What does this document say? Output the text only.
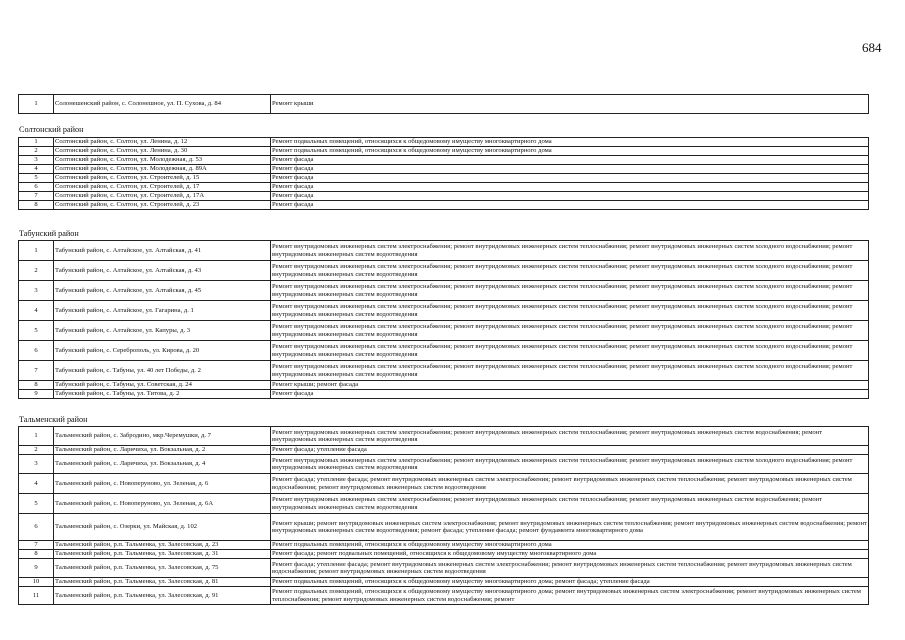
684
1	Солонешенский район, с. Солонешное, ул. П. Сухова, д. 84	Ремонт крыши
Солтонский район
1	Солтонский район, с. Солтон, ул. Ленина, д. 12	Ремонт подвальных помещений, относящихся к общедомовому имуществу многоквартирного дома
2	Солтонский район, с. Солтон, ул. Ленина, д. 30	Ремонт подвальных помещений, относящихся к общедомовому имуществу многоквартирного дома
3	Солтонский район, с. Солтон, ул. Молодежная, д. 53	Ремонт фасада
4	Солтонский район, с. Солтон, ул. Молодежная, д. 89А	Ремонт фасада
5	Солтонский район, с. Солтон, ул. Строителей, д. 15	Ремонт фасада
6	Солтонский район, с. Солтон, ул. Строителей, д. 17	Ремонт фасада
7	Солтонский район, с. Солтон, ул. Строителей, д. 17А	Ремонт фасада
8	Солтонский район, с. Солтон, ул. Строителей, д. 23	Ремонт фасада
Табунский район
1	Табунский район, с. Алтайское, ул. Алтайская, д. 41	Ремонт внутридомовых инженерных систем электроснабжения; ремонт внутридомовых инженерных систем теплоснабжения; ремонт внутридомовых инженерных систем холодного водоснабжения; ремонт внутридомовых инженерных систем водоотведения
2	Табунский район, с. Алтайское, ул. Алтайская, д. 43	Ремонт внутридомовых инженерных систем электроснабжения; ремонт внутридомовых инженерных систем теплоснабжения; ремонт внутридомовых инженерных систем холодного водоснабжения; ремонт внутридомовых инженерных систем водоотведения
3	Табунский район, с. Алтайское, ул. Алтайская, д. 45	Ремонт внутридомовых инженерных систем электроснабжения; ремонт внутридомовых инженерных систем теплоснабжения; ремонт внутридомовых инженерных систем холодного водоснабжения; ремонт внутридомовых инженерных систем водоотведения
4	Табунский район, с. Алтайское, ул. Гагарина, д. 1	Ремонт внутридомовых инженерных систем электроснабжения; ремонт внутридомовых инженерных систем теплоснабжения; ремонт внутридомовых инженерных систем холодного водоснабжения; ремонт внутридомовых инженерных систем водоотведения
5	Табунский район, с. Алтайское, ул. Капуры, д. 3	Ремонт внутридомовых инженерных систем электроснабжения; ремонт внутридомовых инженерных систем теплоснабжения; ремонт внутридомовых инженерных систем холодного водоснабжения; ремонт внутридомовых инженерных систем водоотведения
6	Табунский район, с. Сереброполь, ул. Кирова, д. 20	Ремонт внутридомовых инженерных систем электроснабжения; ремонт внутридомовых инженерных систем теплоснабжения; ремонт внутридомовых инженерных систем холодного водоснабжения; ремонт внутридомовых инженерных систем водоотведения
7	Табунский район, с. Табуны, ул. 40 лет Победы, д. 2	Ремонт внутридомовых инженерных систем электроснабжения; ремонт внутридомовых инженерных систем теплоснабжения; ремонт внутридомовых инженерных систем холодного водоснабжения; ремонт внутридомовых инженерных систем водоотведения
8	Табунский район, с. Табуны, ул. Советская, д. 24	Ремонт крыши; ремонт фасада
9	Табунский район, с. Табуны, ул. Титова, д. 2	Ремонт фасада
Тальменский район
1	Тальменский район, с. Забродино, мкр.Черемушки, д. 7	Ремонт внутридомовых инженерных систем электроснабжения; ремонт внутридомовых инженерных систем теплоснабжения; ремонт внутридомовых инженерных систем водоснабжения; ремонт внутридомовых инженерных систем водоотведения
2	Тальменский район, с. Ларичиха, ул. Вокзальная, д. 2	Ремонт фасада; утепление фасада
3	Тальменский район, с. Ларичиха, ул. Вокзальная, д. 4	Ремонт внутридомовых инженерных систем электроснабжения; ремонт внутридомовых инженерных систем теплоснабжения; ремонт внутридомовых инженерных систем холодного водоснабжения; ремонт внутридомовых инженерных систем водоотведения
4	Тальменский район, с. Новоперуново, ул. Зеленая, д. 6	Ремонт фасада; утепление фасада; ремонт внутридомовых инженерных систем электроснабжения; ремонт внутридомовых инженерных систем теплоснабжения; ремонт внутридомовых инженерных систем водоснабжения; ремонт внутридомовых инженерных систем водоотведения
5	Тальменский район, с. Новоперуново, ул. Зеленая, д. 6А	Ремонт внутридомовых инженерных систем электроснабжения; ремонт внутридомовых инженерных систем теплоснабжения; ремонт внутридомовых инженерных систем водоснабжения; ремонт внутридомовых инженерных систем водоотведения
6	Тальменский район, с. Озерки, ул. Майская, д. 102	Ремонт крыши; ремонт внутридомовых инженерных систем электроснабжения; ремонт внутридомовых инженерных систем теплоснабжения; ремонт внутридомовых инженерных систем водоснабжения; ремонт внутридомовых инженерных систем водоотведения; ремонт фасада; утепление фасада; ремонт фундамента многоквартирного дома
7	Тальменский район, р.п. Тальменка, ул. Залесовская, д. 23	Ремонт подвальных помещений, относящихся к общедомовому имуществу многоквартирного дома
8	Тальменский район, р.п. Тальменка, ул. Залесовская, д. 31	Ремонт фасада; ремонт подвальных помещений, относящихся к общедомовому имуществу многоквартирного дома
9	Тальменский район, р.п. Тальменка, ул. Залесовская, д. 75	Ремонт фасада; утепление фасада; ремонт внутридомовых инженерных систем электроснабжения; ремонт внутридомовых инженерных систем теплоснабжения; ремонт внутридомовых инженерных систем водоснабжения; ремонт внутридомовых инженерных систем водоотведения
10	Тальменский район, р.п. Тальменка, ул. Залесовская, д. 81	Ремонт подвальных помещений, относящихся к общедомовому имуществу многоквартирного дома; ремонт фасада; утепление фасада
11	Тальменский район, р.п. Тальменка, ул. Залесовская, д. 91	Ремонт подвальных помещений, относящихся к общедомовому имуществу многоквартирного дома; ремонт внутридомовых инженерных систем электроснабжения; ремонт внутридомовых инженерных систем теплоснабжения; ремонт внутридомовых инженерных систем водоснабжения; ремонт
